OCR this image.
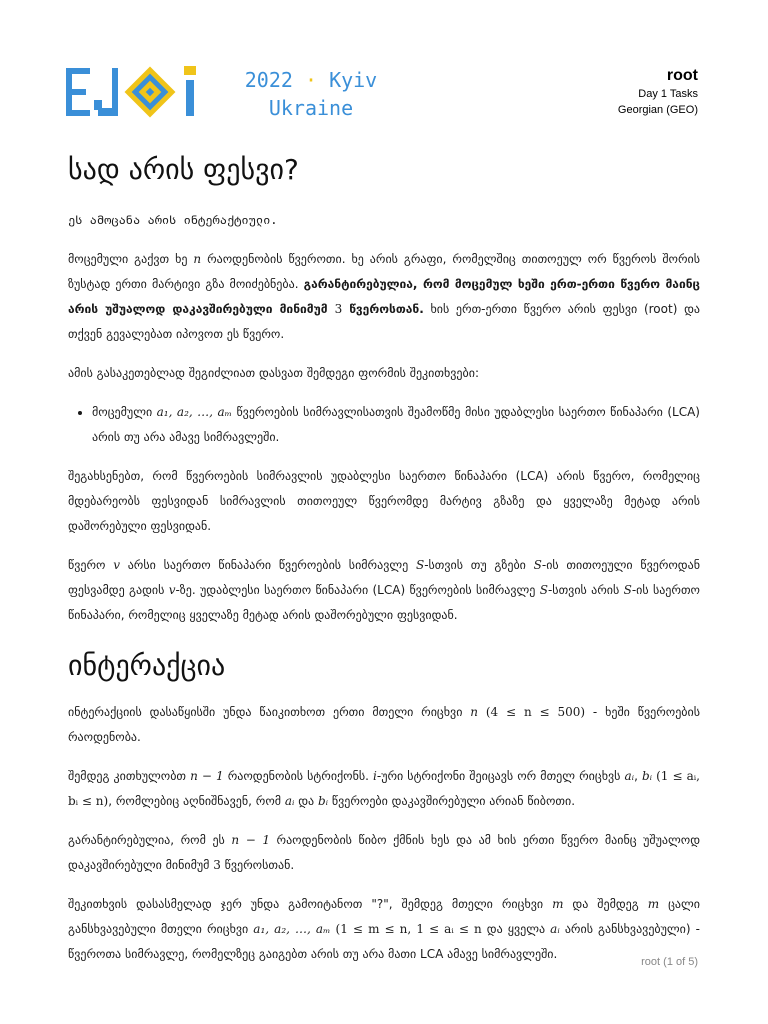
2022 · Kyiv
Ukraine
root
Day 1 Tasks
Georgian (GEO)
სად არის ფესვი?

ეს ამოცანა არის ინტერაქტიული.

მოცემული გაქვთ ხე n რაოდენობის წვეროთი. ხე არის გრაფი, რომელშიც თითოეულ ორ წვეროს შორის ზუსტად ერთი მარტივი გზა მოიძებნება. გარანტირებულია, რომ მოცემულ ხეში ერთ-ერთი წვერო მაინც არის უშუალოდ დაკავშირებული მინიმუმ 3 წვეროსთან. ხის ერთ-ერთი წვერო არის ფესვი (root) და თქვენ გევალებათ იპოვოთ ეს წვერო.

ამის გასაკეთებლად შეგიძლიათ დასვათ შემდეგი ფორმის შეკითხვები:

• მოცემული a₁, a₂, …, aₘ წვეროების სიმრავლისათვის შეამოწმე მისი უდაბლესი საერთო წინაპარი (LCA) არის თუ არა ამავე სიმრავლეში.

შეგახსენებთ, რომ წვეროების სიმრავლის უდაბლესი საერთო წინაპარი (LCA) არის წვერო, რომელიც მდებარეობს ფესვიდან სიმრავლის თითოეულ წვერომდე მარტივ გზაზე და ყველაზე მეტად არის დაშორებული ფესვიდან.

წვერო v არსი საერთო წინაპარი წვეროების სიმრავლე S-სთვის თუ გზები S-ის თითოეული წვეროდან ფესვამდე გადის v-ზე. უდაბლესი საერთო წინაპარი (LCA) წვეროების სიმრავლე S-სთვის არის S-ის საერთო წინაპარი, რომელიც ყველაზე მეტად არის დაშორებული ფესვიდან.

ინტერაქცია

ინტერაქციის დასაწყისში უნდა წაიკითხოთ ერთი მთელი რიცხვი n (4 ≤ n ≤ 500) - ხეში წვეროების რაოდენობა.

შემდეგ კითხულობთ n − 1 რაოდენობის სტრიქონს. i-ური სტრიქონი შეიცავს ორ მთელ რიცხვს aᵢ, bᵢ (1 ≤ aᵢ, bᵢ ≤ n), რომლებიც აღნიშნავენ, რომ aᵢ და bᵢ წვეროები დაკავშირებული არიან წიბოთი.

გარანტირებულია, რომ ეს n − 1 რაოდენობის წიბო ქმნის ხეს და ამ ხის ერთი წვერო მაინც უშუალოდ დაკავშირებული მინიმუმ 3 წვეროსთან.

შეკითხვის დასასმელად ჯერ უნდა გამოიტანოთ "?", შემდეგ მთელი რიცხვი m და შემდეგ m ცალი განსხვავებული მთელი რიცხვი a₁, a₂, …, aₘ (1 ≤ m ≤ n, 1 ≤ aᵢ ≤ n და ყველა aᵢ არის განსხვავებული) - წვეროთა სიმრავლე, რომელზეც გაიგებთ არის თუ არა მათი LCA ამავე სიმრავლეში.

root (1 of 5)
